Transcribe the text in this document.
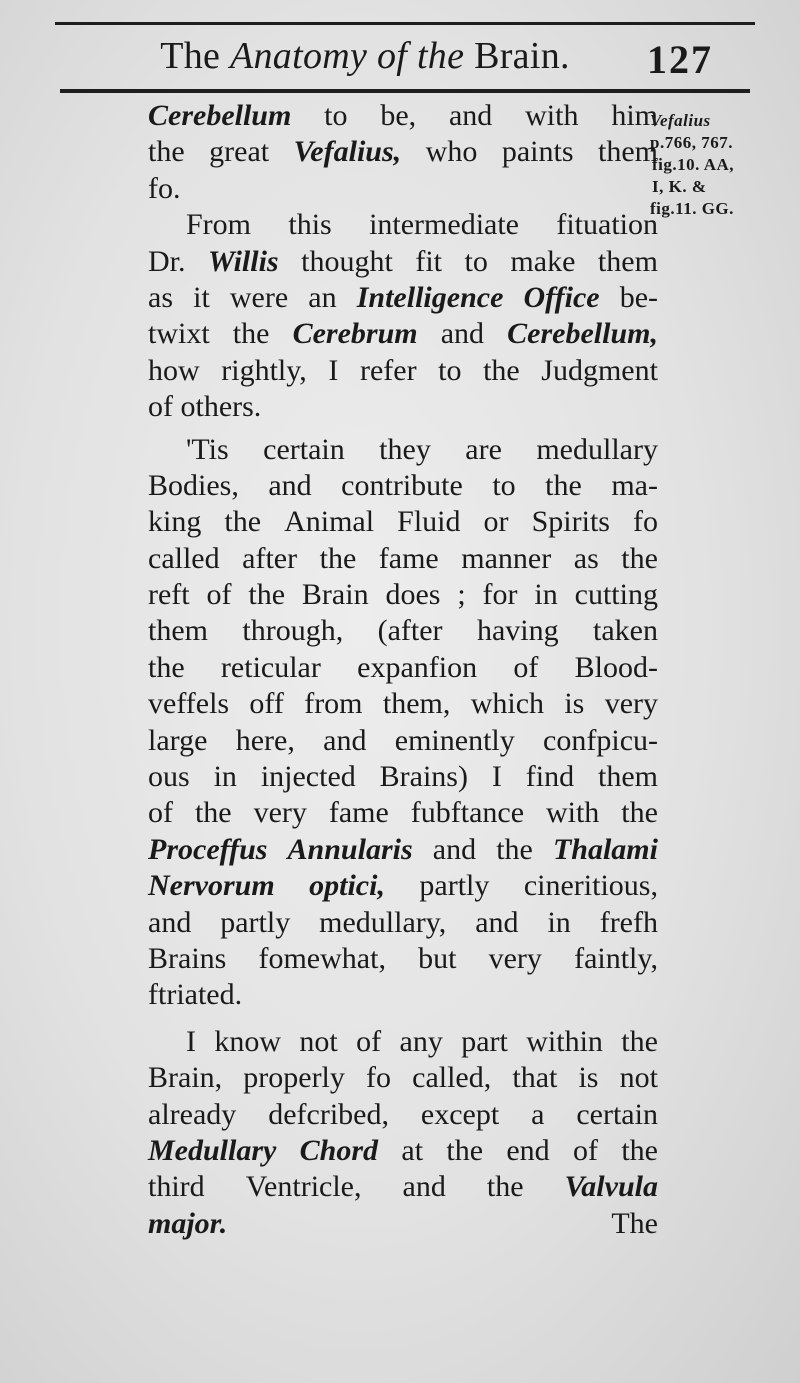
The Anatomy of the Brain.	127
Vefalius
p.766, 767.
fig.10. AA,
I, K. &
fig.11. GG.
Cerebellum to be, and with him
the great Vefalius, who paints them
fo.
From this intermediate fituation
Dr. Willis thought fit to make them
as it were an Intelligence Office be-
twixt the Cerebrum and Cerebellum,
how rightly, I refer to the Judgment
of others.
'Tis certain they are medullary
Bodies, and contribute to the ma-
king the Animal Fluid or Spirits fo
called after the fame manner as the
reft of the Brain does ; for in cutting
them through, (after having taken
the reticular expanfion of Blood-
veffels off from them, which is very
large here, and eminently confpicu-
ous in injected Brains) I find them
of the very fame fubftance with the
Proceffus Annularis and the Thalami
Nervorum optici, partly cineritious,
and partly medullary, and in frefh
Brains fomewhat, but very faintly,
ftriated.
I know not of any part within the
Brain, properly fo called, that is not
already defcribed, except a certain
Medullary Chord at the end of the
third Ventricle, and the Valvula
major.	The
